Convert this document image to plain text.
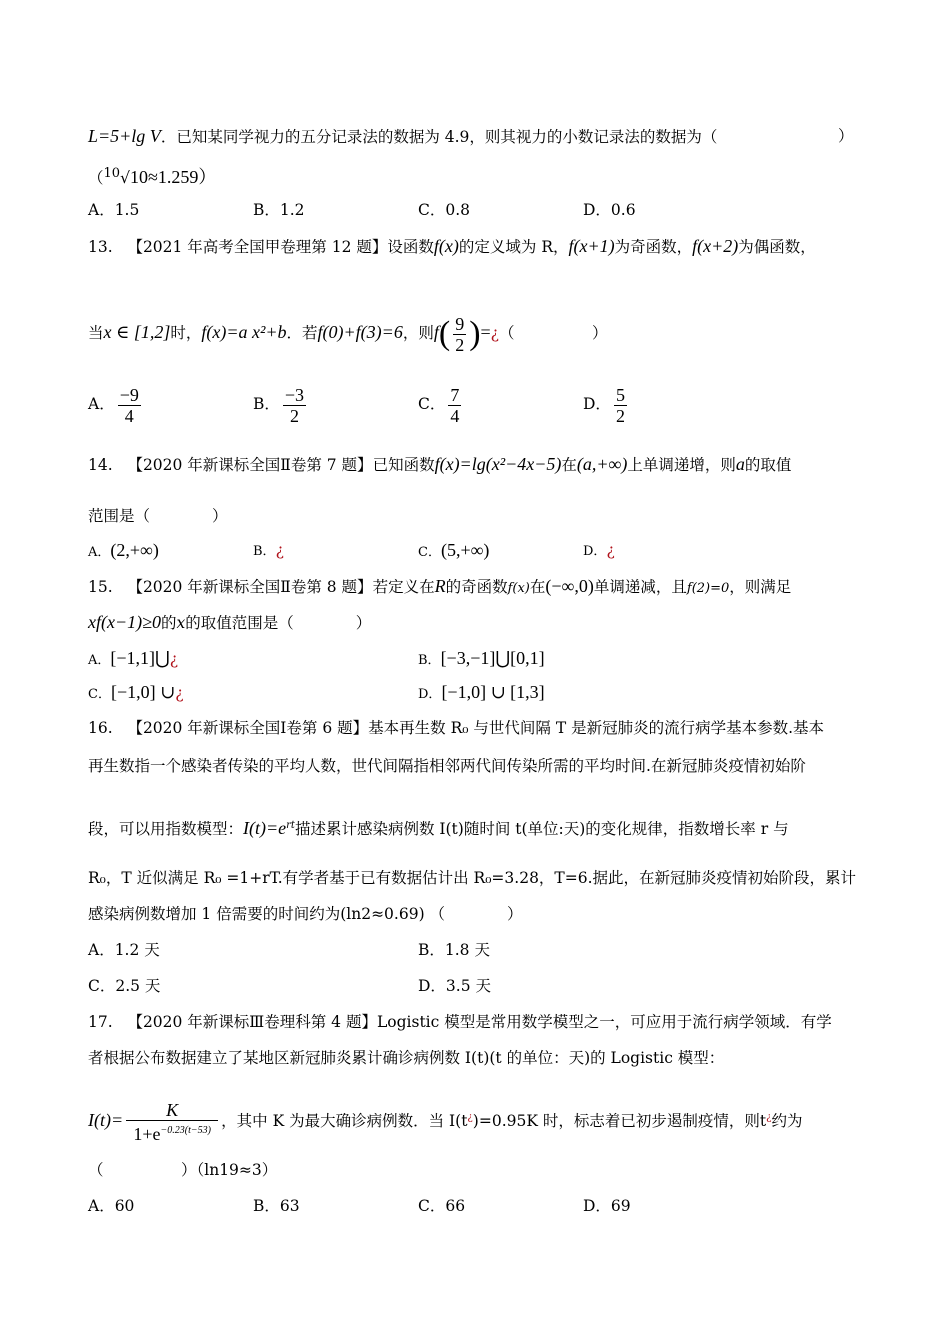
L=5+lg V．已知某同学视力的五分记录法的数据为 4.9，则其视力的小数记录法的数据为（	）
（$^{10}$√10≈1.259）
A．1.5	B．1.2	C．0.8	D．0.6
13. 【2021 年高考全国甲卷理第 12 题】设函数f(x)的定义域为 R，f(x+1)为奇函数，f(x+2)为偶函数，
当x ∈ [1,2]时，f(x)=a x²+b．若f(0)+f(3)=6，则$f( \frac{9}{2}$ )=¿（　　　　　）
A． $\frac{-9}{4}$	B． $\frac{-3}{2}$	C． $\frac{7}{4}$	D． $\frac{5}{2}$
14. 【2020 年新课标全国Ⅱ卷第 7 题】已知函数f(x)=lg(x²−4x−5)在(a,+∞)上单调递增，则a的取值
范围是（　　　　）
A．(2,+∞)	B．¿	C．(5,+∞)	D．¿
15. 【2020 年新课标全国Ⅱ卷第 8 题】若定义在R的奇函数f(x)在(−∞,0)单调递减，且f(2)=0，则满足
xf(x−1)≥0的x的取值范围是（　　　　）
A．[−1,1]⋃¿	B．[−3,−1]⋃[0,1]
C．[−1,0] ∪¿	D．[−1,0] ∪ [1,3]
16. 【2020 年新课标全国Ⅰ卷第 6 题】基本再生数 R₀ 与世代间隔 T 是新冠肺炎的流行病学基本参数.基本
再生数指一个感染者传染的平均人数，世代间隔指相邻两代间传染所需的平均时间.在新冠肺炎疫情初始阶
段，可以用指数模型：$I(t)=e^{rt}$描述累计感染病例数 I(t)随时间 t(单位:天)的变化规律，指数增长率 r 与
R₀，T 近似满足 R₀ =1+rT.有学者基于已有数据估计出 R₀=3.28，T=6.据此，在新冠肺炎疫情初始阶段，累计
感染病例数增加 1 倍需要的时间约为(ln2≈0.69) （　　　　）
A．1.2 天	B．1.8 天
C．2.5 天	D．3.5 天
17. 【2020 年新课标Ⅲ卷理科第 4 题】Logistic 模型是常用数学模型之一，可应用于流行病学领域．有学
者根据公布数据建立了某地区新冠肺炎累计确诊病例数 I(t)(t 的单位：天)的 Logistic 模型：
$I(t)= \frac{K}{1+e^{-0.23(t-53)}}$ ，其中 K 为最大确诊病例数．当 I(t¿)=0.95K 时，标志着已初步遏制疫情，则t¿约为
（　　　　　）（ln19≈3）
A．60	B．63	C．66	D．69
